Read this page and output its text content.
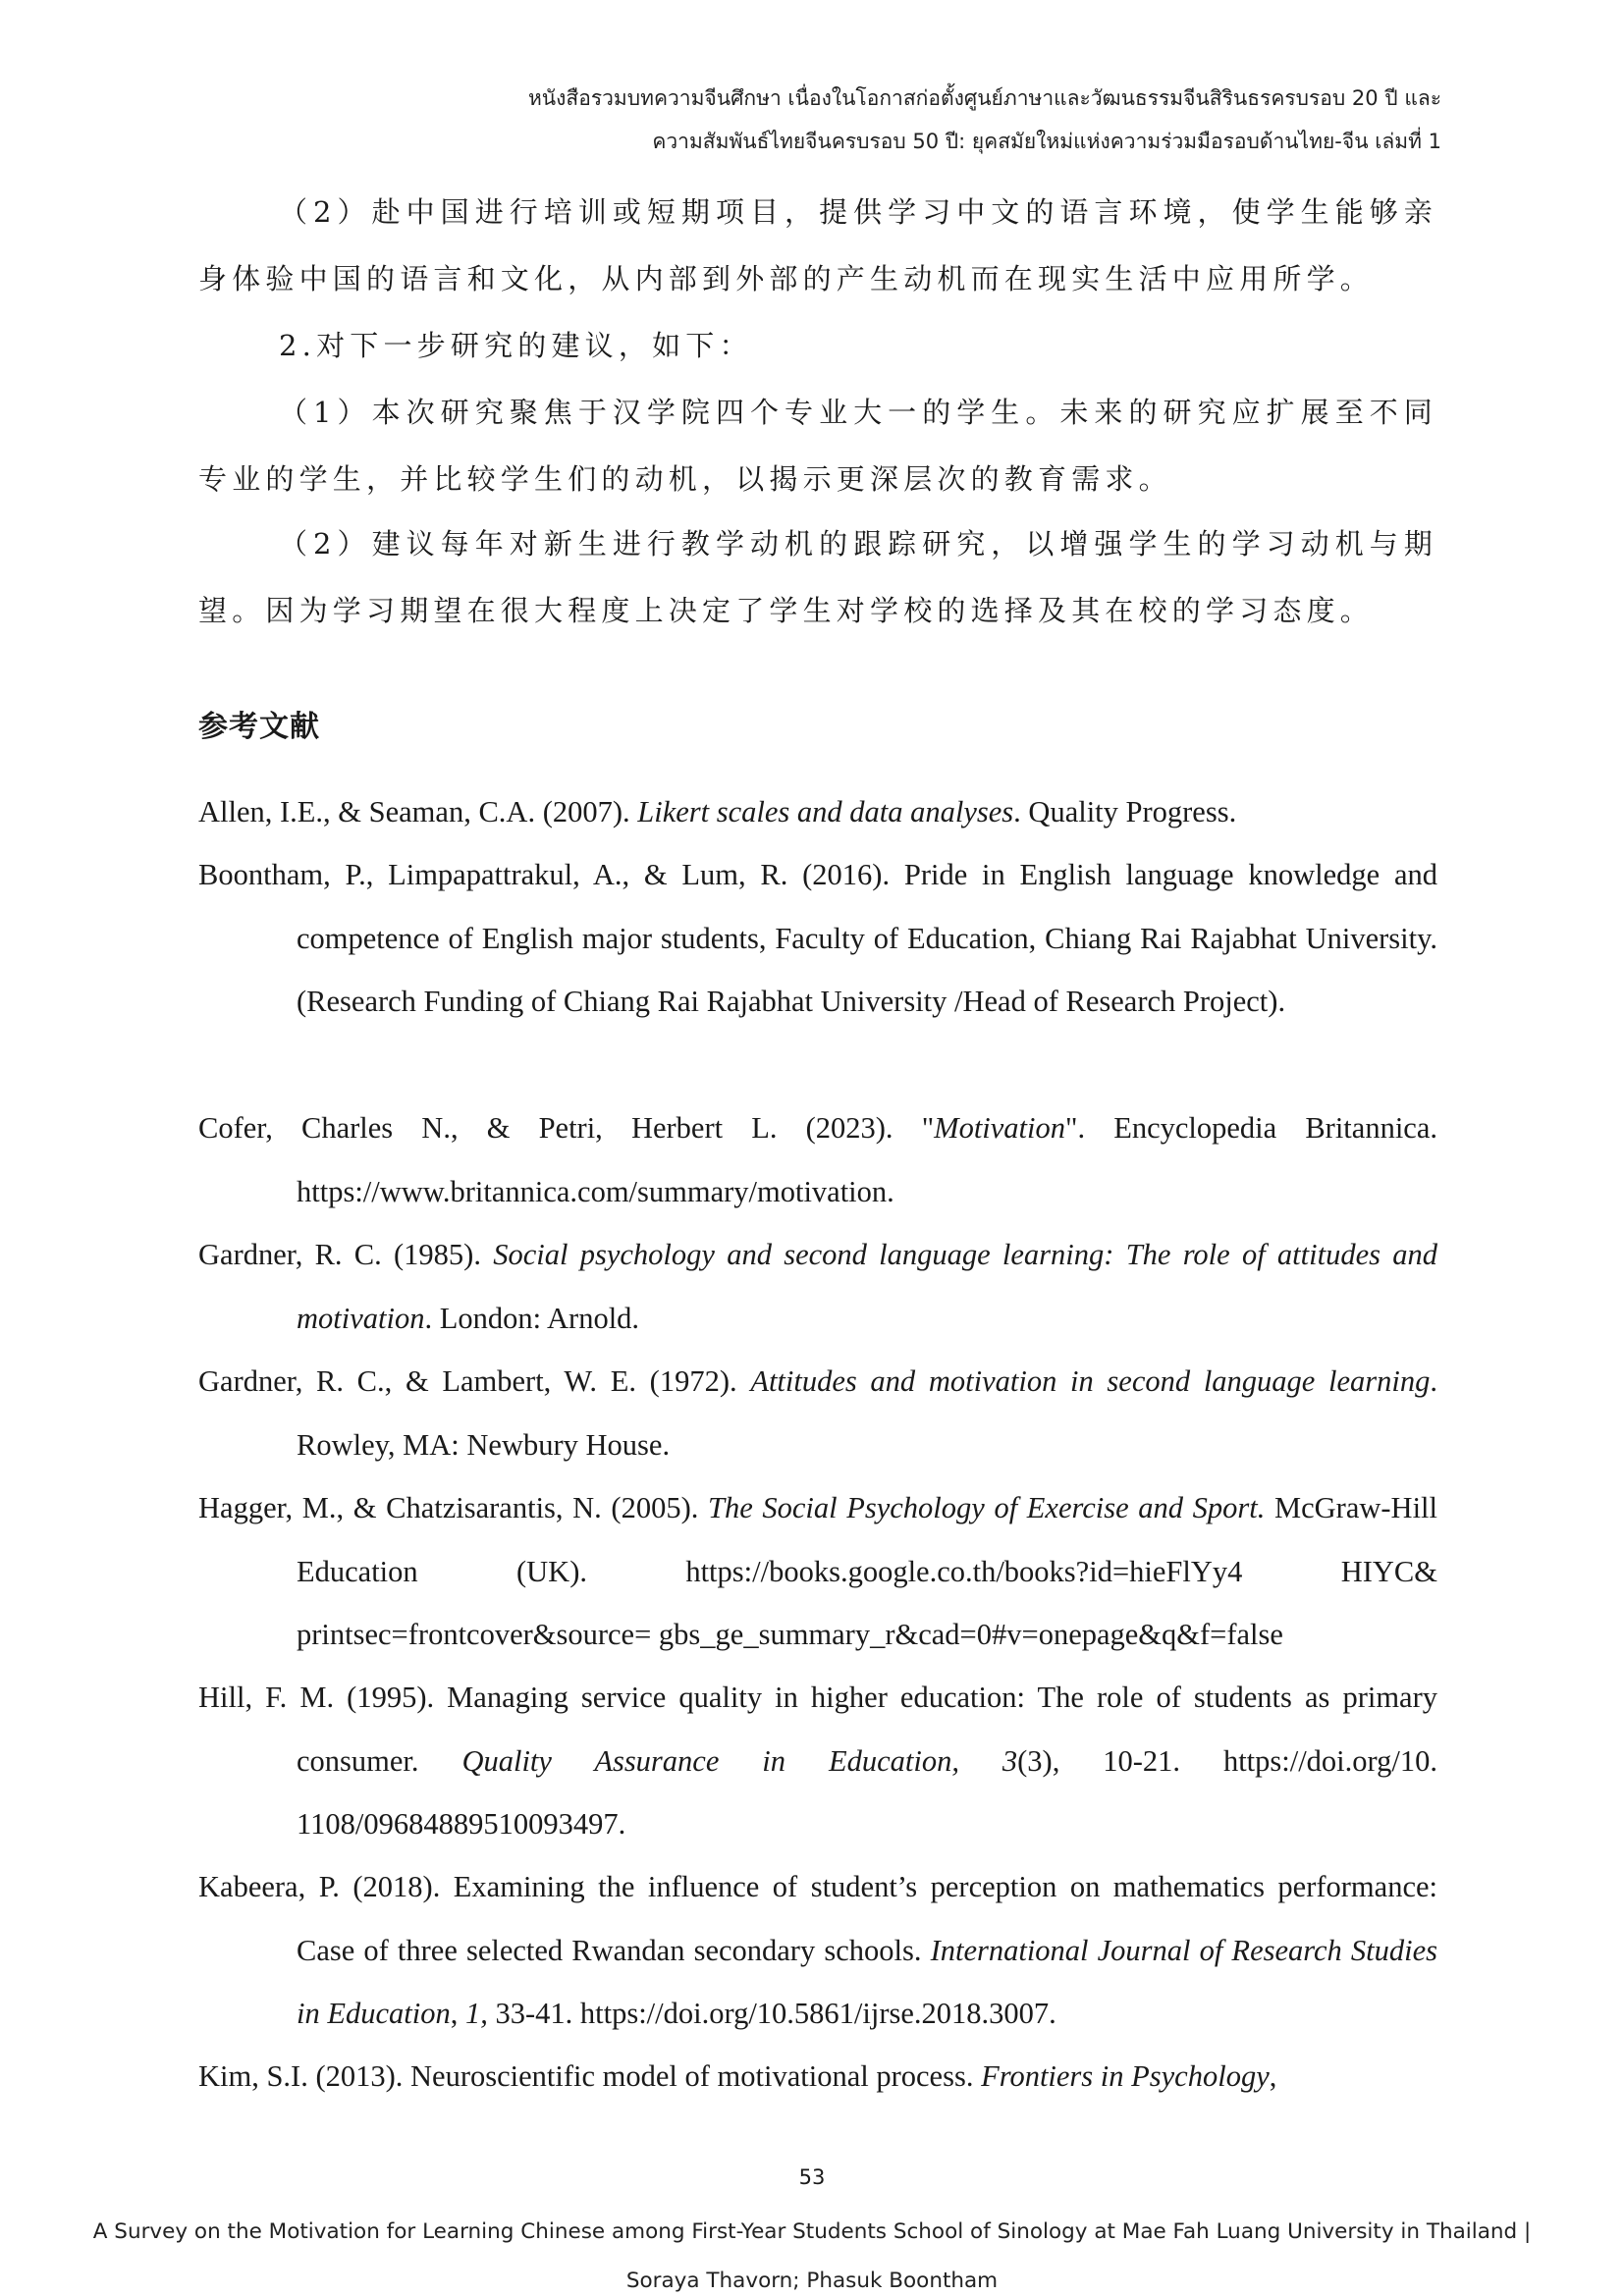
หนังสือรวมบทความจีนศึกษา เนื่องในโอกาสก่อตั้งศูนย์ภาษาและวัฒนธรรมจีนสิรินธรครบรอบ 20 ปี และ

ความสัมพันธ์ไทยจีนครบรอบ 50 ปี: ยุคสมัยใหม่แห่งความร่วมมือรอบด้านไทย-จีน เล่มที่ 1

（2）赴中国进行培训或短期项目，提供学习中文的语言环境，使学生能够亲身体验中国的语言和文化，从内部到外部的产生动机而在现实生活中应用所学。

2.对下一步研究的建议，如下：

（1）本次研究聚焦于汉学院四个专业大一的学生。未来的研究应扩展至不同专业的学生，并比较学生们的动机，以揭示更深层次的教育需求。

（2）建议每年对新生进行教学动机的跟踪研究，以增强学生的学习动机与期望。因为学习期望在很大程度上决定了学生对学校的选择及其在校的学习态度。

参考文献

Allen, I.E., & Seaman, C.A. (2007). Likert scales and data analyses. Quality Progress.

Boontham, P., Limpapattrakul, A., & Lum, R. (2016). Pride in English language knowledge and competence of English major students, Faculty of Education, Chiang Rai Rajabhat University. (Research Funding of Chiang Rai Rajabhat University /Head of Research Project).

Cofer, Charles N., & Petri, Herbert L. (2023). "Motivation". Encyclopedia Britannica. https://www.britannica.com/summary/motivation.

Gardner, R. C. (1985). Social psychology and second language learning: The role of attitudes and motivation. London: Arnold.

Gardner, R. C., & Lambert, W. E. (1972). Attitudes and motivation in second language learning. Rowley, MA: Newbury House.

Hagger, M., & Chatzisarantis, N. (2005). The Social Psychology of Exercise and Sport. McGraw-Hill Education (UK). https://books.google.co.th/books?id=hieFlYy4 HIYC& printsec=frontcover&source= gbs_ge_summary_r&cad=0#v=onepage&q&f=false

Hill, F. M. (1995). Managing service quality in higher education: The role of students as primary consumer. Quality Assurance in Education, 3(3), 10-21. https://doi.org/10. 1108/09684889510093497.

Kabeera, P. (2018). Examining the influence of student’s perception on mathematics performance: Case of three selected Rwandan secondary schools. International Journal of Research Studies in Education, 1, 33-41. https://doi.org/10.5861/ijrse.2018.3007.

Kim, S.I. (2013). Neuroscientific model of motivational process. Frontiers in Psychology,

53

A Survey on the Motivation for Learning Chinese among First-Year Students School of Sinology at Mae Fah Luang University in Thailand |

Soraya Thavorn; Phasuk Boontham
